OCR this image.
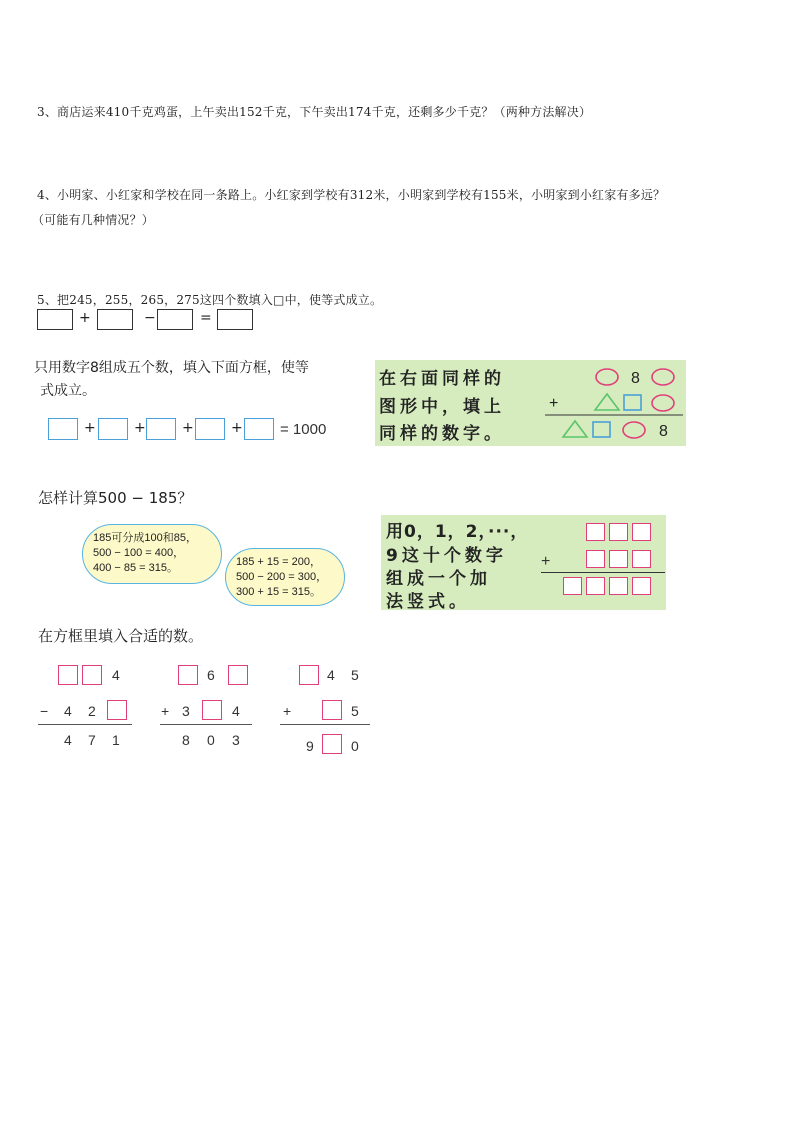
3、商店运来410千克鸡蛋，上午卖出152千克，下午卖出174千克，还剩多少千克？（两种方法解决）
4、小明家、小红家和学校在同一条路上。小红家到学校有312米，小明家到学校有155米，小明家到小红家有多远？
（可能有几种情况？）
5、把245，255，265，275这四个数填入□中，使等式成立。
+	−	=
只用数字8组成五个数，填入下面方框，使等
式成立。
+	+	+	+ = 1000
在右面同样的
图形中，填上
同样的数字。
8
+
8
怎样计算500 − 185？
185可分成100和85，
500 − 100 = 400，
400 − 85 = 315。	185 + 15 = 200，
500 − 200 = 300，
300 + 15 = 315。
用0，1，2，···，
9这十个数字
组成一个加
法竖式。
+
在方框里填入合适的数。
4
− 4 2
4 7 1
6
+ 3	4
8 0 3
4 5
+	5
9	0
